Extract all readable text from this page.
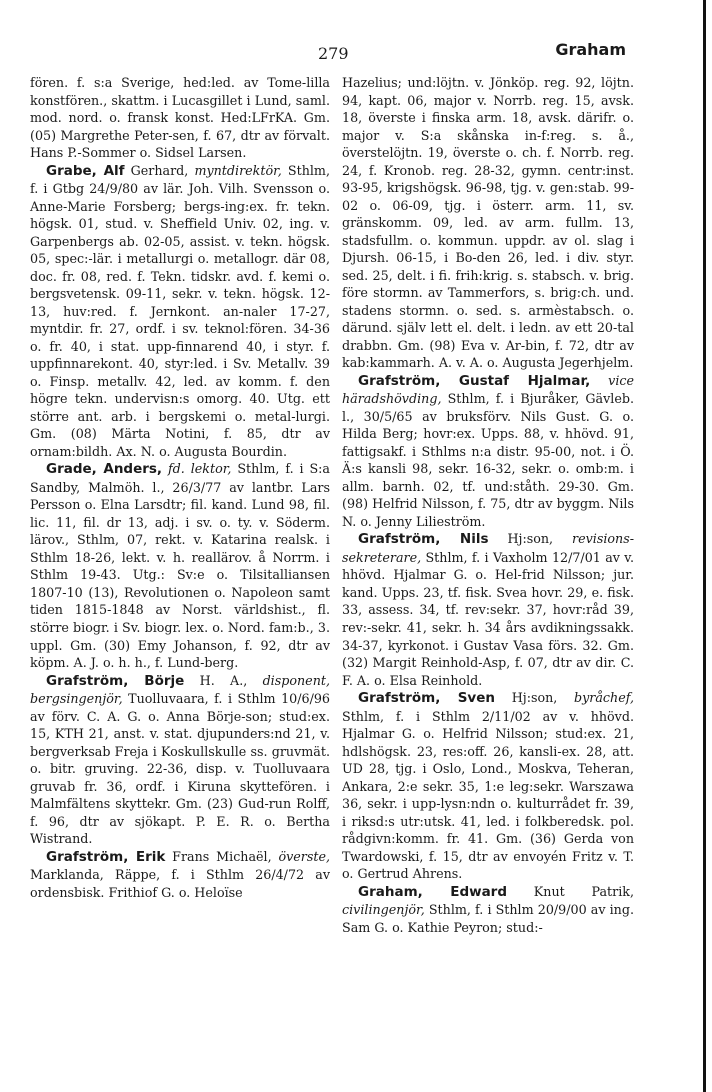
279	Graham

fören. f. s:a Sverige, hed:led. av Tome-lilla konstfören., skattm. i Lucasgillet i Lund, saml. mod. nord. o. fransk konst. Hed:LFrKA. Gm. (05) Margrethe Peter-sen, f. 67, dtr av förvalt. Hans P.-Sommer o. Sidsel Larsen.

Grabe, Alf Gerhard, myntdirektör, Sthlm, f. i Gtbg 24/9/80 av lär. Joh. Vilh. Svensson o. Anne-Marie Forsberg; bergs-ing:ex. fr. tekn. högsk. 01, stud. v. Sheffield Univ. 02, ing. v. Garpenbergs ab. 02-05, assist. v. tekn. högsk. 05, spec:-lär. i metallurgi o. metallogr. där 08, doc. fr. 08, red. f. Tekn. tidskr. avd. f. kemi o. bergsvetensk. 09-11, sekr. v. tekn. högsk. 12-13, huv:red. f. Jernkont. an-naler 17-27, myntdir. fr. 27, ordf. i sv. teknol:fören. 34-36 o. fr. 40, i stat. upp-finnarend 40, i styr. f. uppfinnarekont. 40, styr:led. i Sv. Metallv. 39 o. Finsp. metallv. 42, led. av komm. f. den högre tekn. undervisn:s omorg. 40. Utg. ett större ant. arb. i bergskemi o. metal-lurgi. Gm. (08) Märta Notini, f. 85, dtr av ornam:bildh. Ax. N. o. Augusta Bourdin.

Grade, Anders, fd. lektor, Sthlm, f. i S:a Sandby, Malmöh. l., 26/3/77 av lantbr. Lars Persson o. Elna Larsdtr; fil. kand. Lund 98, fil. lic. 11, fil. dr 13, adj. i sv. o. ty. v. Söderm. lärov., Sthlm, 07, rekt. v. Katarina realsk. i Sthlm 18-26, lekt. v. h. reallärov. å Norrm. i Sthlm 19-43. Utg.: Sv:e o. Tilsitalliansen 1807-10 (13), Revolutionen o. Napoleon samt tiden 1815-1848 av Norst. världshist., fl. större biogr. i Sv. biogr. lex. o. Nord. fam:b., 3. uppl. Gm. (30) Emy Johanson, f. 92, dtr av köpm. A. J. o. h. h., f. Lund-berg.

Grafström, Börje H. A., disponent, bergsingenjör, Tuolluvaara, f. i Sthlm 10/6/96 av förv. C. A. G. o. Anna Börje-son; stud:ex. 15, KTH 21, anst. v. stat. djupunders:nd 21, v. bergverksab Freja i Koskullskulle ss. gruvmät. o. bitr. gruving. 22-36, disp. v. Tuolluvaara gruvab fr. 36, ordf. i Kiruna skyttefören. i Malmfältens skyttekr. Gm. (23) Gud-run Rolff, f. 96, dtr av sjökapt. P. E. R. o. Bertha Wistrand.

Grafström, Erik Frans Michaël, överste, Marklanda, Räppe, f. i Sthlm 26/4/72 av ordensbisk. Frithiof G. o. Heloïse

Hazelius; und:löjtn. v. Jönköp. reg. 92, löjtn. 94, kapt. 06, major v. Norrb. reg. 15, avsk. 18, överste i finska arm. 18, avsk. därifr. o. major v. S:a skånska in-f:reg. s. å., överstelöjtn. 19, överste o. ch. f. Norrb. reg. 24, f. Kronob. reg. 28-32, gymn. centr:inst. 93-95, krigshögsk. 96-98, tjg. v. gen:stab. 99-02 o. 06-09, tjg. i österr. arm. 11, sv. gränskomm. 09, led. av arm. fullm. 13, stadsfullm. o. kommun. uppdr. av ol. slag i Djursh. 06-15, i Bo-den 26, led. i div. styr. sed. 25, delt. i fi. frih:krig. s. stabsch. v. brig. före stormn. av Tammerfors, s. brig:ch. und. stadens stormn. o. sed. s. armèstabsch. o. därund. själv lett el. delt. i ledn. av ett 20-tal drabbn. Gm. (98) Eva v. Ar-bin, f. 72, dtr av kab:kammarh. A. v. A. o. Augusta Jegerhjelm.

Grafström, Gustaf Hjalmar, vice häradshövding, Sthlm, f. i Bjuråker, Gävleb. l., 30/5/65 av bruksförv. Nils Gust. G. o. Hilda Berg; hovr:ex. Upps. 88, v. hhövd. 91, fattigsakf. i Sthlms n:a distr. 95-00, not. i Ö. Ä:s kansli 98, sekr. 16-32, sekr. o. omb:m. i allm. barnh. 02, tf. und:ståth. 29-30. Gm. (98) Helfrid Nilsson, f. 75, dtr av byggm. Nils N. o. Jenny Lilieström.

Grafström, Nils Hj:son, revisions-sekreterare, Sthlm, f. i Vaxholm 12/7/01 av v. hhövd. Hjalmar G. o. Hel-frid Nilsson; jur. kand. Upps. 23, tf. fisk. Svea hovr. 29, e. fisk. 33, assess. 34, tf. rev:sekr. 37, hovr:råd 39, rev:-sekr. 41, sekr. h. 34 års avdikningssakk. 34-37, kyrkonot. i Gustav Vasa förs. 32. Gm. (32) Margit Reinhold-Asp, f. 07, dtr av dir. C. F. A. o. Elsa Reinhold.

Grafström, Sven Hj:son, byråchef, Sthlm, f. i Sthlm 2/11/02 av v. hhövd. Hjalmar G. o. Helfrid Nilsson; stud:ex. 21, hdlshögsk. 23, res:off. 26, kansli-ex. 28, att. UD 28, tjg. i Oslo, Lond., Moskva, Teheran, Ankara, 2:e sekr. 35, 1:e leg:sekr. Warszawa 36, sekr. i upp-lysn:ndn o. kulturrådet fr. 39, i riksd:s utr:utsk. 41, led. i folkberedsk. pol. rådgivn:komm. fr. 41. Gm. (36) Gerda von Twardowski, f. 15, dtr av envoyén Fritz v. T. o. Gertrud Ahrens.

Graham, Edward Knut Patrik, civilingenjör, Sthlm, f. i Sthlm 20/9/00 av ing. Sam G. o. Kathie Peyron; stud:-
